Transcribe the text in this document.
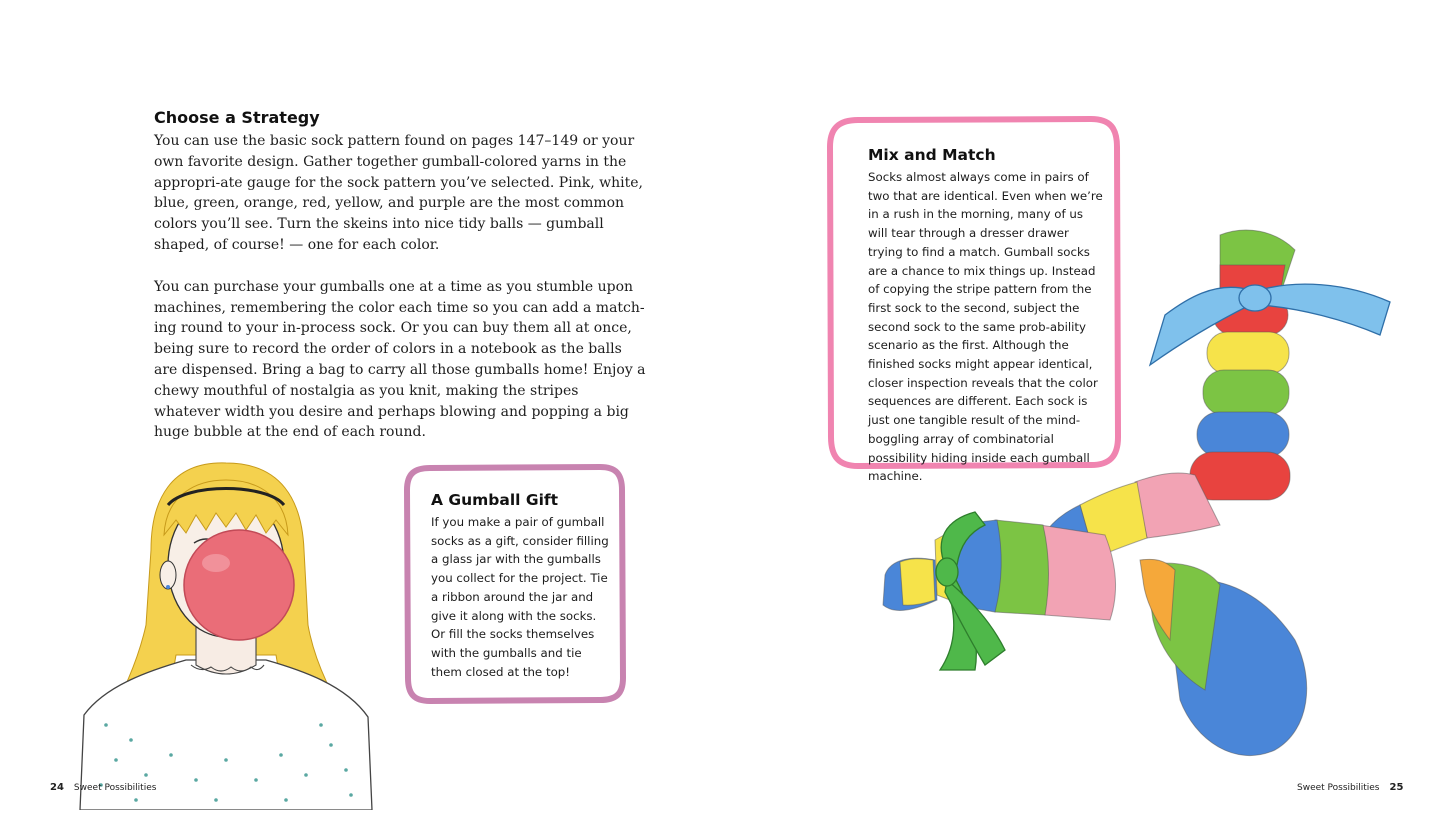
Choose a Strategy

You can use the basic sock pattern found on pages 147–149 or your own favorite design. Gather together gumball-colored yarns in the appropri-ate gauge for the sock pattern you’ve selected. Pink, white, blue, green, orange, red, yellow, and purple are the most common colors you’ll see. Turn the skeins into nice tidy balls — gumball shaped, of course! — one for each color.

You can purchase your gumballs one at a time as you stumble upon machines, remembering the color each time so you can add a match-ing round to your in-process sock. Or you can buy them all at once, being sure to record the order of colors in a notebook as the balls are dispensed. Bring a bag to carry all those gumballs home! Enjoy a chewy mouthful of nostalgia as you knit, making the stripes whatever width you desire and perhaps blowing and popping a big huge bubble at the end of each round.

A Gumball Gift
If you make a pair of gumball socks as a gift, consider filling a glass jar with the gumballs you collect for the project. Tie a ribbon around the jar and give it along with the socks. Or fill the socks themselves with the gumballs and tie them closed at the top!
24 Sweet Possibilities
Mix and Match
Socks almost always come in pairs of two that are identical. Even when we’re in a rush in the morning, many of us will tear through a dresser drawer trying to find a match. Gumball socks are a chance to mix things up. Instead of copying the stripe pattern from the first sock to the second, subject the second sock to the same prob-ability scenario as the first. Although the finished socks might appear identical, closer inspection reveals that the color sequences are different. Each sock is just one tangible result of the mind-boggling array of combinatorial possibility hiding inside each gumball machine.
Sweet Possibilities 25
